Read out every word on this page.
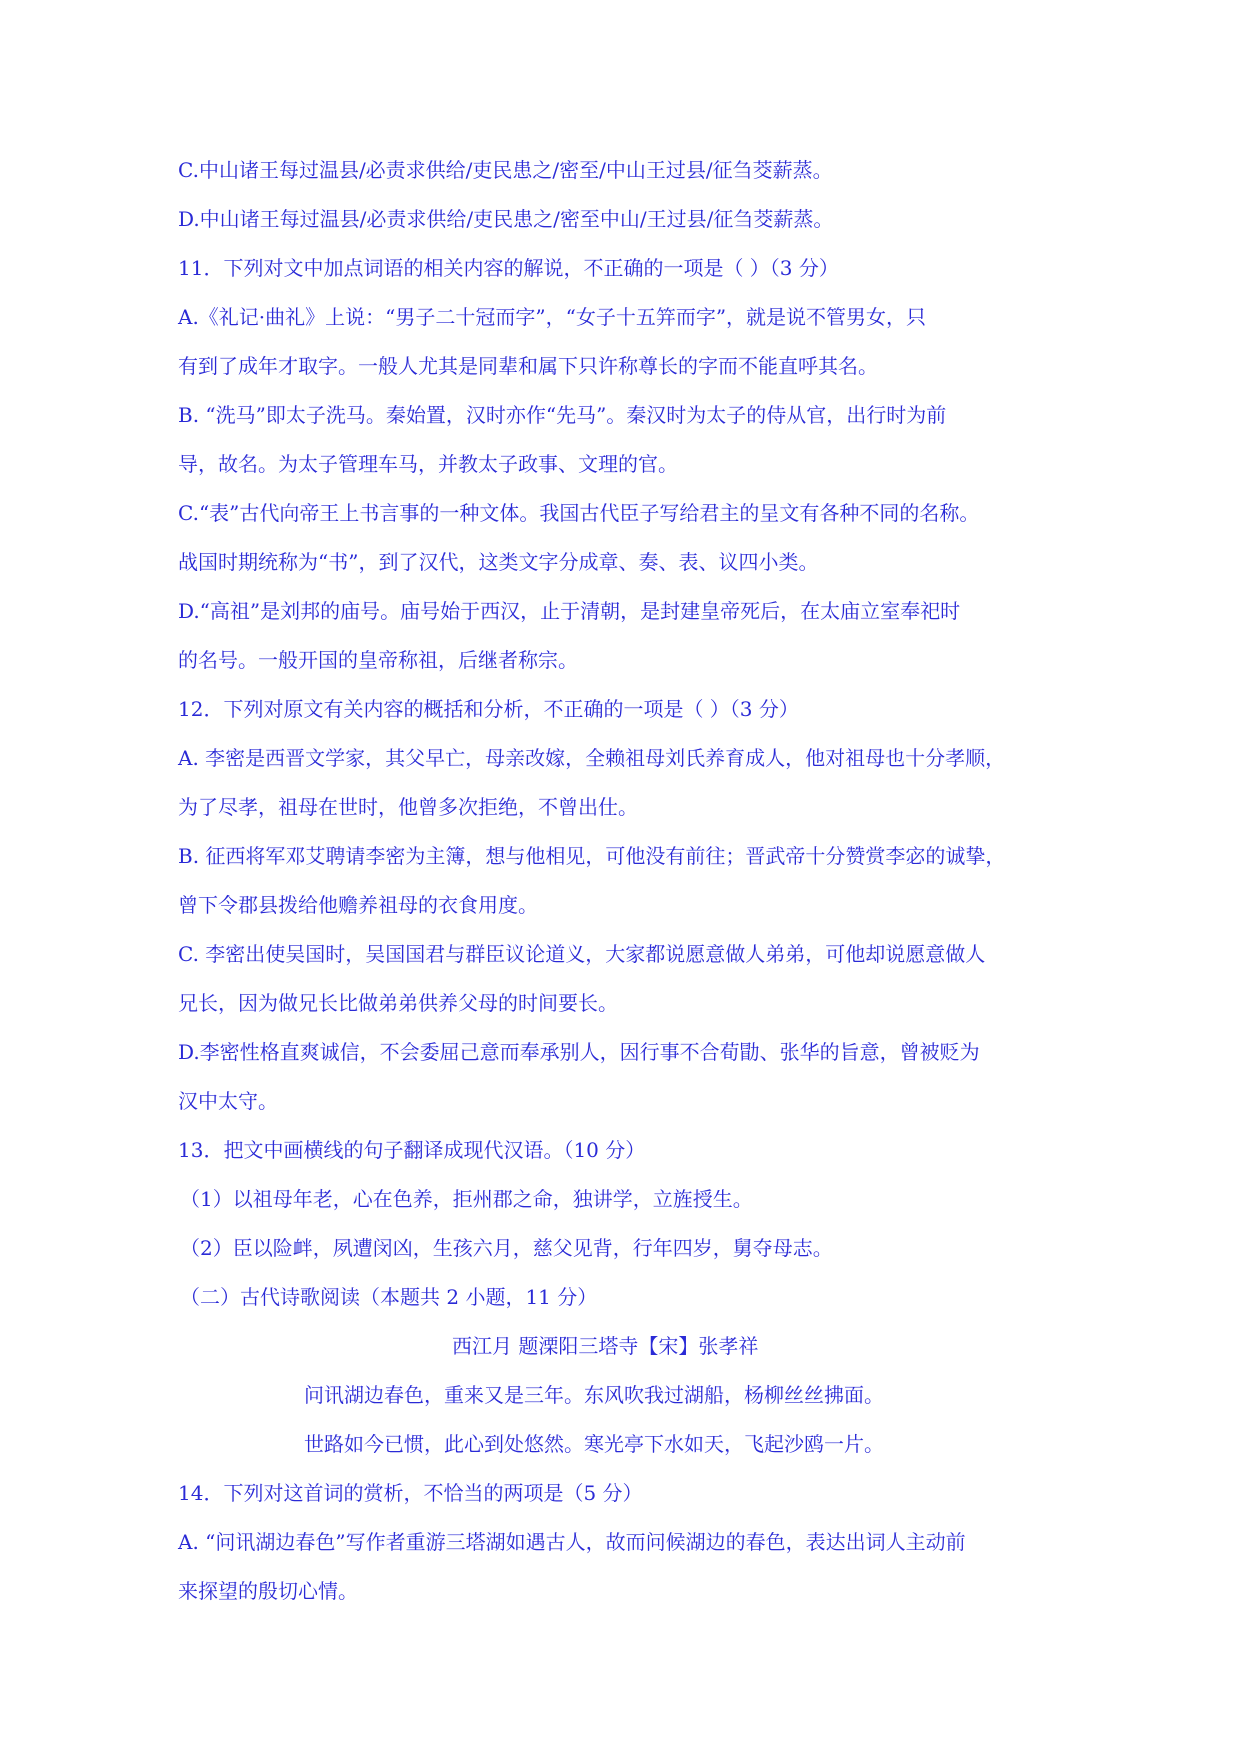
C.中山诸王每过温县/必责求供给/吏民患之/密至/中山王过县/征刍茭薪蒸。
D.中山诸王每过温县/必责求供给/吏民患之/密至中山/王过县/征刍茭薪蒸。
11．下列对文中加点词语的相关内容的解说，不正确的一项是（ ）（3 分）
A.《礼记·曲礼》上说：“男子二十冠而字”，“女子十五笄而字”，就是说不管男女，只
有到了成年才取字。一般人尤其是同辈和属下只许称尊长的字而不能直呼其名。
B. “洗马”即太子洗马。秦始置，汉时亦作“先马”。秦汉时为太子的侍从官，出行时为前
导，故名。为太子管理车马，并教太子政事、文理的官。
C.“表”古代向帝王上书言事的一种文体。我国古代臣子写给君主的呈文有各种不同的名称。
战国时期统称为“书”，到了汉代，这类文字分成章、奏、表、议四小类。
D.“高祖”是刘邦的庙号。庙号始于西汉，止于清朝，是封建皇帝死后，在太庙立室奉祀时
的名号。一般开国的皇帝称祖，后继者称宗。
12．下列对原文有关内容的概括和分析，不正确的一项是（ ）（3 分）
A. 李密是西晋文学家，其父早亡，母亲改嫁，全赖祖母刘氏养育成人，他对祖母也十分孝顺，
为了尽孝，祖母在世时，他曾多次拒绝，不曾出仕。
B. 征西将军邓艾聘请李密为主簿，想与他相见，可他没有前往；晋武帝十分赞赏李宓的诚挚，
曾下令郡县拨给他赡养祖母的衣食用度。
C. 李密出使吴国时，吴国国君与群臣议论道义，大家都说愿意做人弟弟，可他却说愿意做人
兄长，因为做兄长比做弟弟供养父母的时间要长。
D.李密性格直爽诚信，不会委屈己意而奉承别人，因行事不合荀勖、张华的旨意，曾被贬为
汉中太守。
13．把文中画横线的句子翻译成现代汉语。（10 分）
（1）以祖母年老，心在色养，拒州郡之命，独讲学，立旌授生。
（2）臣以险衅，夙遭闵凶，生孩六月，慈父见背，行年四岁，舅夺母志。
（二）古代诗歌阅读（本题共 2 小题，11 分）
西江月 题溧阳三塔寺【宋】张孝祥
问讯湖边春色，重来又是三年。东风吹我过湖船，杨柳丝丝拂面。
世路如今已惯，此心到处悠然。寒光亭下水如天，飞起沙鸥一片。
14．下列对这首词的赏析，不恰当的两项是（5 分）
A. “问讯湖边春色”写作者重游三塔湖如遇古人，故而问候湖边的春色，表达出词人主动前
来探望的殷切心情。
